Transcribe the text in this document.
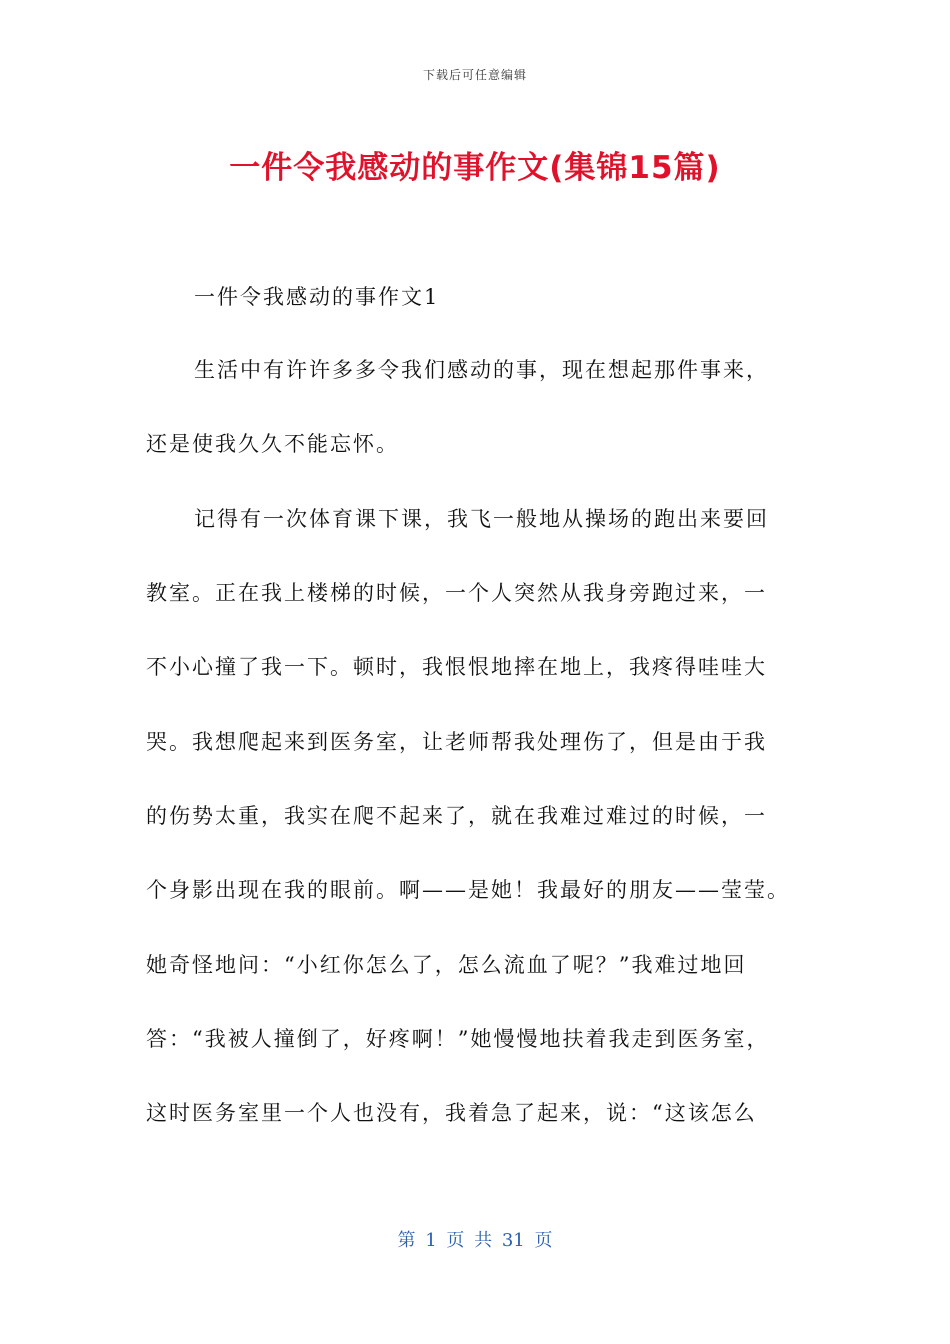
下载后可任意编辑
一件令我感动的事作文(集锦15篇)
一件令我感动的事作文1
生活中有许许多多令我们感动的事，现在想起那件事来，
还是使我久久不能忘怀。
记得有一次体育课下课，我飞一般地从操场的跑出来要回
教室。正在我上楼梯的时候，一个人突然从我身旁跑过来，一
不小心撞了我一下。顿时，我恨恨地摔在地上，我疼得哇哇大
哭。我想爬起来到医务室，让老师帮我处理伤了，但是由于我
的伤势太重，我实在爬不起来了，就在我难过难过的时候，一
个身影出现在我的眼前。啊——是她！我最好的朋友——莹莹。
她奇怪地问：“小红你怎么了，怎么流血了呢？”我难过地回
答：“我被人撞倒了，好疼啊！”她慢慢地扶着我走到医务室，
这时医务室里一个人也没有，我着急了起来，说：“这该怎么
第 1 页 共 31 页
